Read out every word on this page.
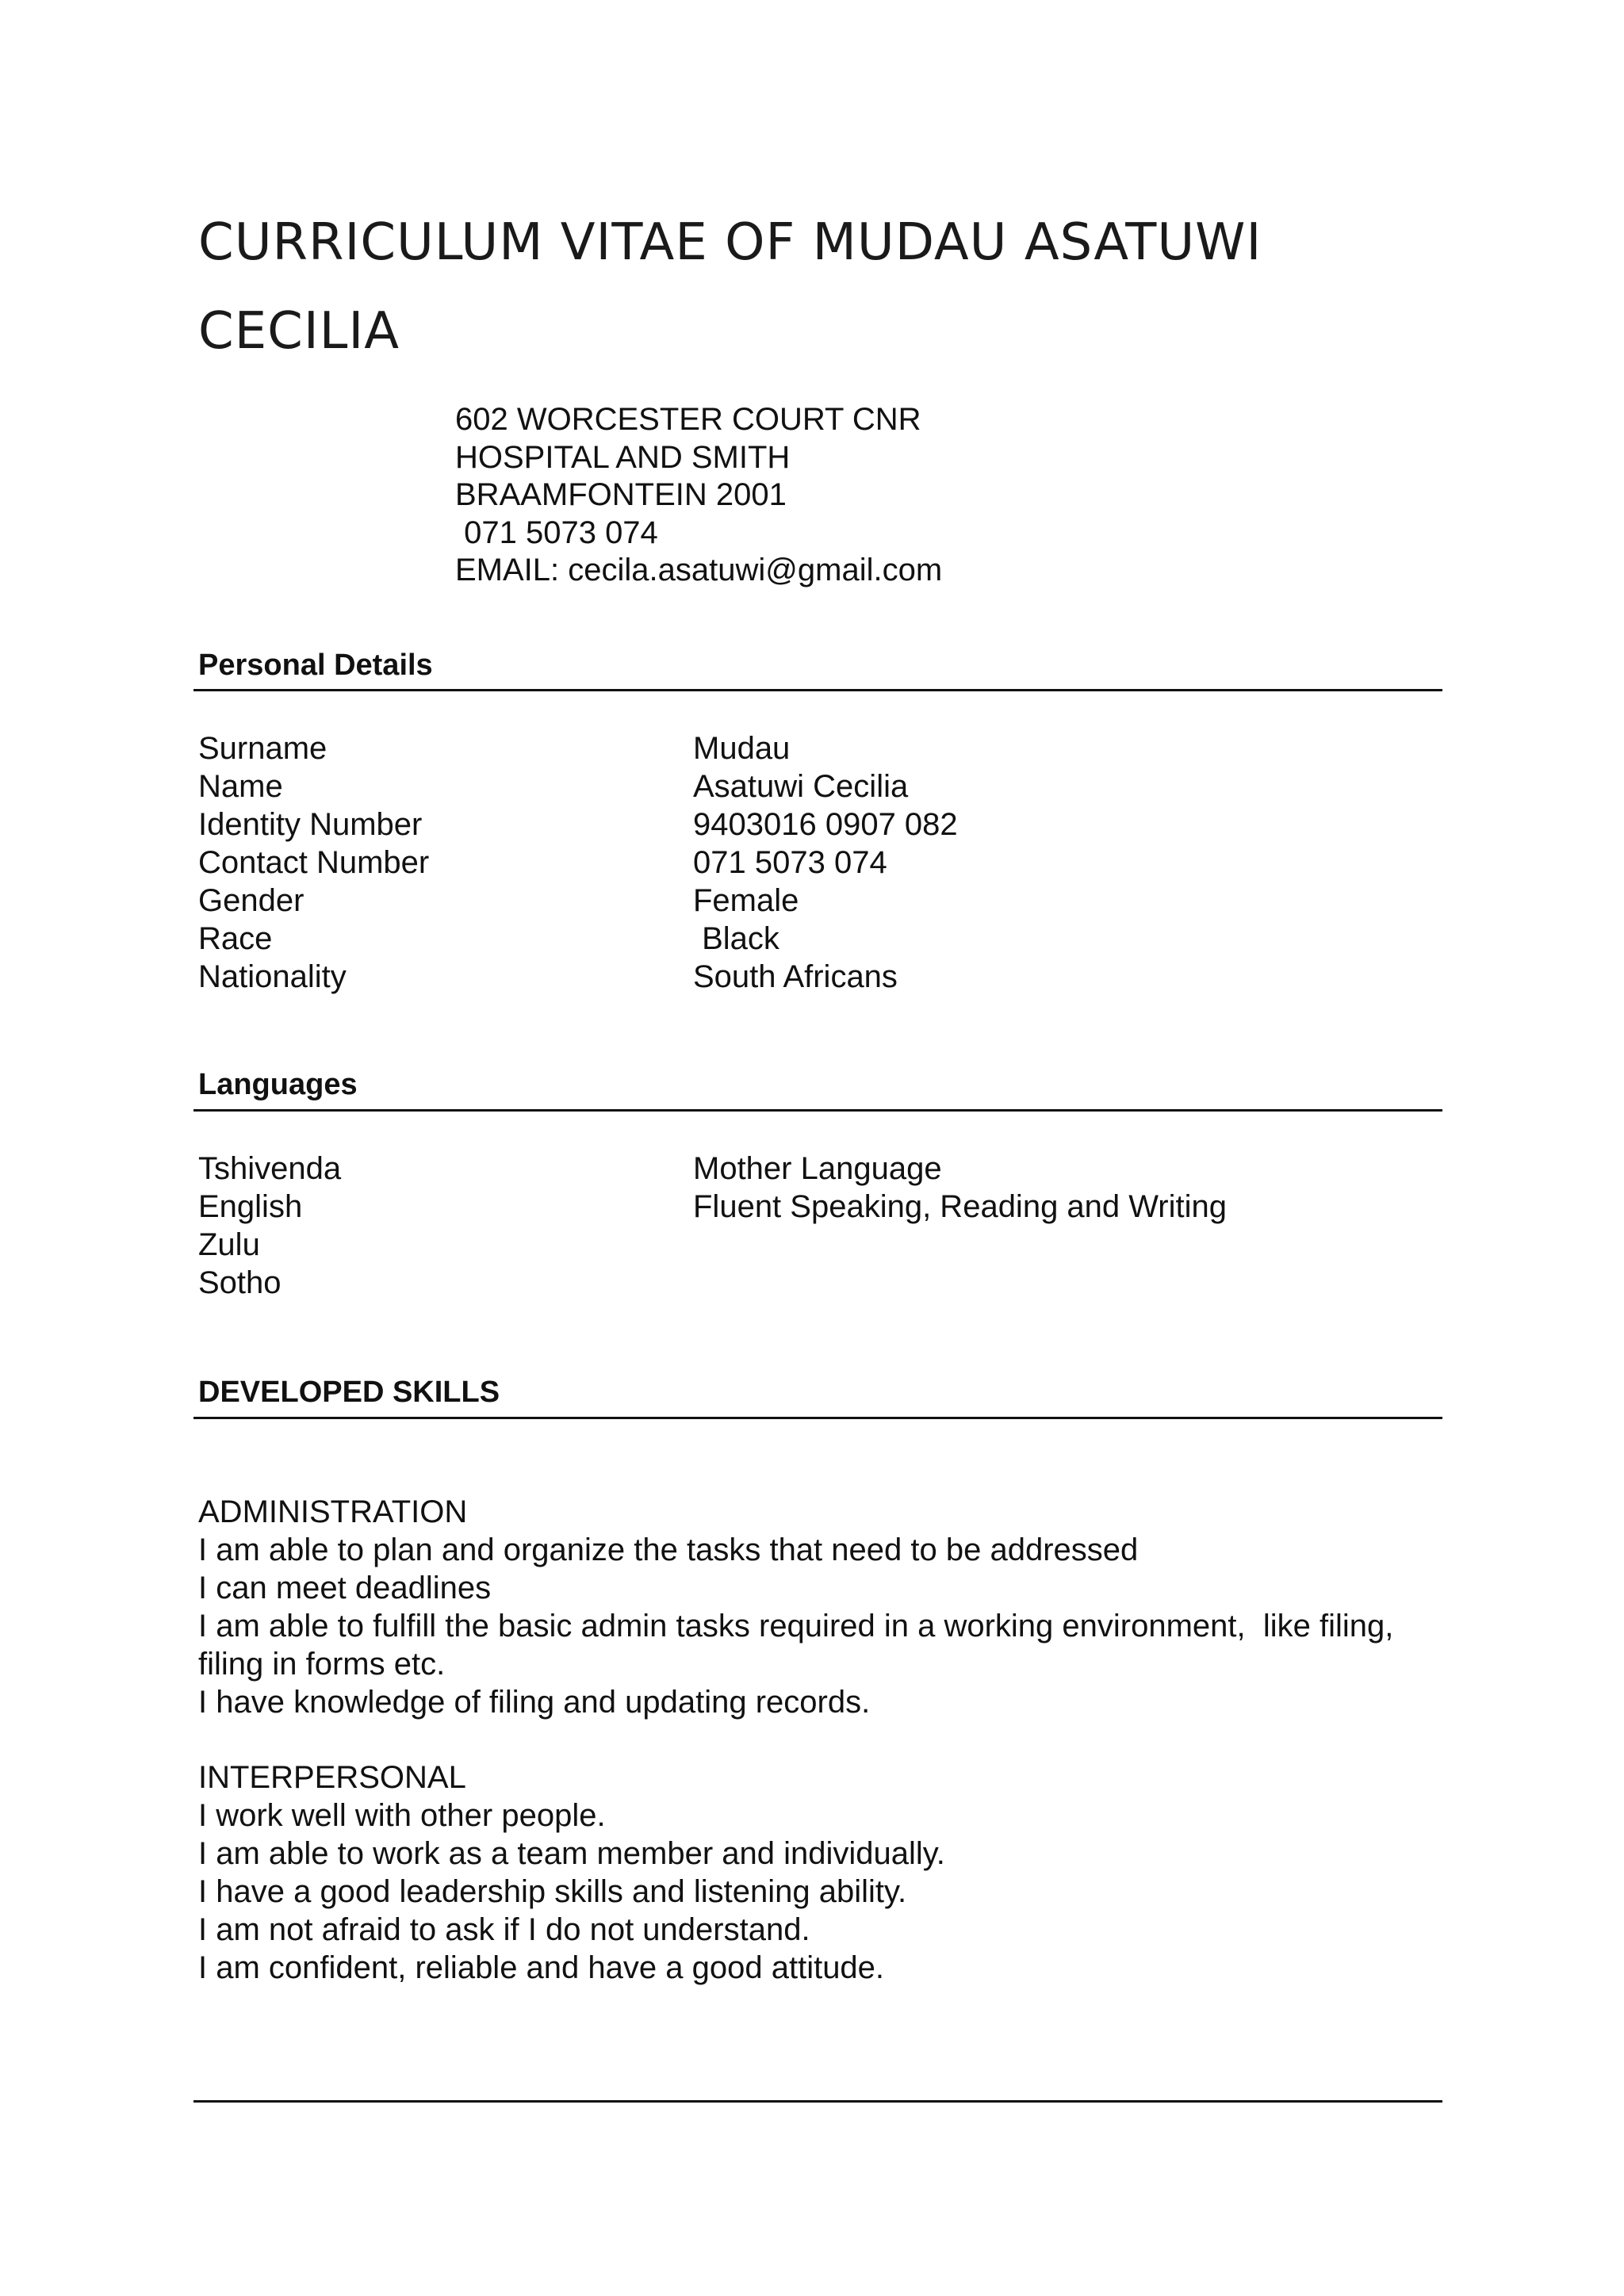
CURRICULUM VITAE OF MUDAU ASATUWI
CECILIA
602 WORCESTER COURT CNR
HOSPITAL AND SMITH
BRAAMFONTEIN 2001
071 5073 074
EMAIL: cecila.asatuwi@gmail.com
Personal Details
Surname	Mudau
Name	Asatuwi Cecilia
Identity Number	9403016 0907 082
Contact Number	071 5073 074
Gender	Female
Race	Black
Nationality	South Africans
Languages
Tshivenda	Mother Language
English	Fluent Speaking, Reading and Writing
Zulu
Sotho
DEVELOPED SKILLS
ADMINISTRATION
I am able to plan and organize the tasks that need to be addressed
I can meet deadlines
I am able to fulfill the basic admin tasks required in a working environment,  like filing,
filing in forms etc.
I have knowledge of filing and updating records.
INTERPERSONAL
I work well with other people.
I am able to work as a team member and individually.
I have a good leadership skills and listening ability.
I am not afraid to ask if I do not understand.
I am confident, reliable and have a good attitude.
